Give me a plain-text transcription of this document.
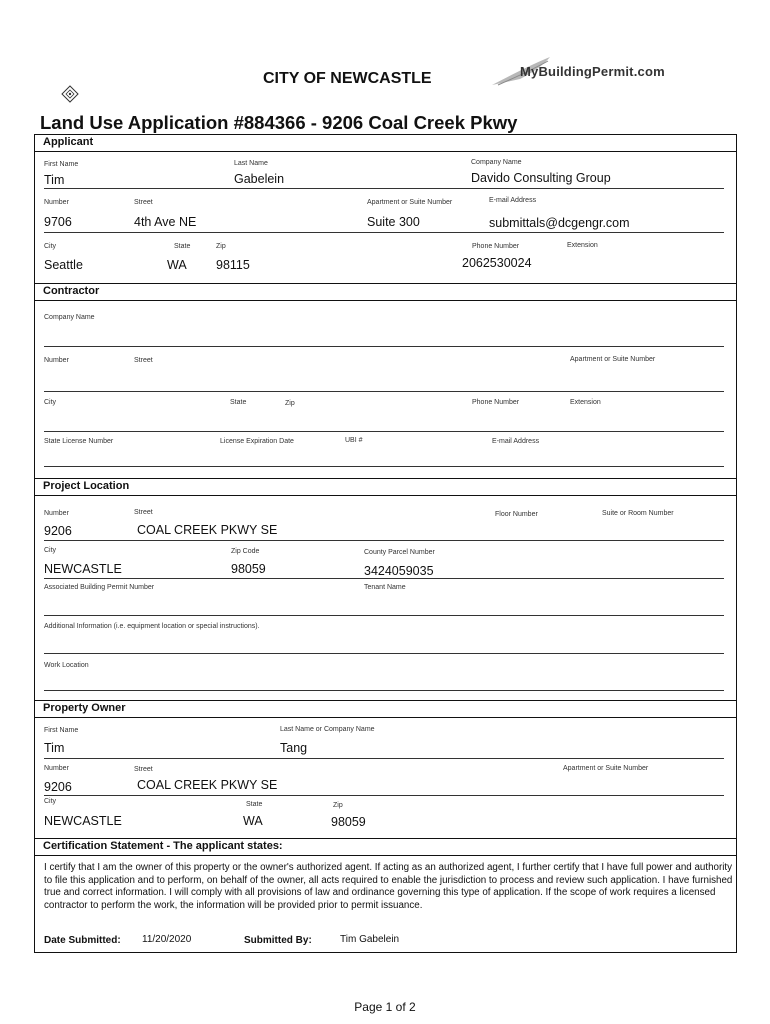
CITY OF NEWCASTLE	MyBuildingPermit.com
Land Use Application #884366 - 9206 Coal Creek Pkwy
Applicant
First Name	Last Name	Company Name
Tim	Gabelein	Davido Consulting Group
Number	Street	Apartment or Suite Number	E-mail Address
9706	4th Ave NE	Suite 300	submittals@dcgengr.com
City	State	Zip	Phone Number	Extension
Seattle	WA 98115	2062530024
Contractor
Company Name
Number	Street	Apartment or Suite Number
City	State	Zip	Phone Number	Extension
State License Number	License Expiration Date	UBI #	E-mail Address
Project Location
Number	Street	Floor Number	Suite or Room Number
9206	COAL CREEK PKWY SE
City	Zip Code	County Parcel Number
NEWCASTLE	98059	3424059035
Associated Building Permit Number	Tenant Name
Additional Information (i.e. equipment location or special instructions).
Work Location
Property Owner
First Name	Last Name or Company Name
Tim	Tang
Number	Street	Apartment or Suite Number
9206	COAL CREEK PKWY SE
City	State	Zip
NEWCASTLE	WA	98059
Certification Statement - The applicant states:
I certify that I am the owner of this property or the owner's authorized agent. If acting as an authorized agent, I further certify that I have full power and authority to file this application and to perform, on behalf of the owner, all acts required to enable the jurisdiction to process and review such application. I have furnished true and correct information. I will comply with all provisions of law and ordinance governing this type of application. If the scope of work requires a licensed contractor to perform the work, the information will be provided prior to permit issuance.
Date Submitted: 11/20/2020	Submitted By:	Tim Gabelein
Page 1 of 2
